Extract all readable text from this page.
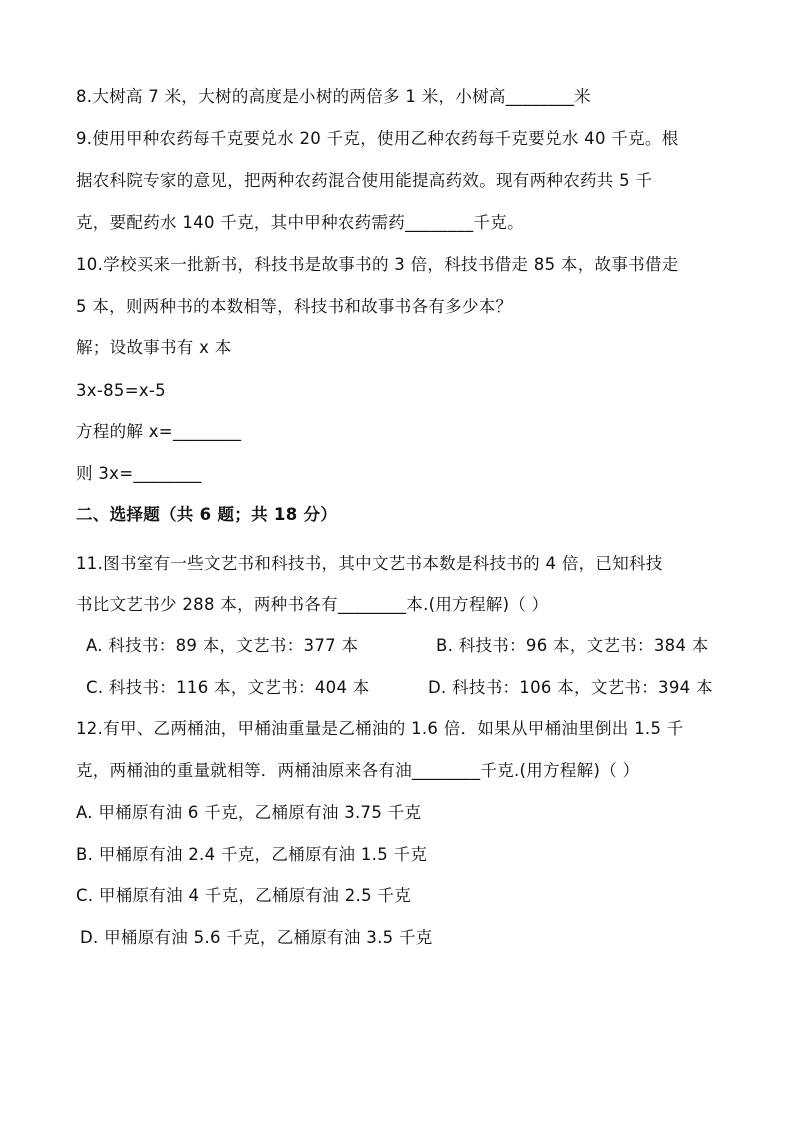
8.大树高 7 米，大树的高度是小树的两倍多 1 米，小树高________米
9.使用甲种农药每千克要兑水 20 千克，使用乙种农药每千克要兑水 40 千克。根
据农科院专家的意见，把两种农药混合使用能提高药效。现有两种农药共 5 千
克，要配药水 140 千克，其中甲种农药需药________千克。
10.学校买来一批新书，科技书是故事书的 3 倍，科技书借走 85 本，故事书借走
5 本，则两种书的本数相等，科技书和故事书各有多少本？
解；设故事书有 x 本
3x-85=x-5
方程的解 x=________
则 3x=________
二、选择题（共 6 题；共 18 分）
11.图书室有一些文艺书和科技书，其中文艺书本数是科技书的 4 倍，已知科技
书比文艺书少 288 本，两种书各有________本.(用方程解)（ ）
A. 科技书：89 本，文艺书：377 本	B. 科技书：96 本，文艺书：384 本
C. 科技书：116 本，文艺书：404 本	D. 科技书：106 本，文艺书：394 本
12.有甲、乙两桶油，甲桶油重量是乙桶油的 1.6 倍．如果从甲桶油里倒出 1.5 千
克，两桶油的重量就相等．两桶油原来各有油________千克.(用方程解)（ ）
A. 甲桶原有油 6 千克，乙桶原有油 3.75 千克
B. 甲桶原有油 2.4 千克，乙桶原有油 1.5 千克
C. 甲桶原有油 4 千克，乙桶原有油 2.5 千克
D. 甲桶原有油 5.6 千克，乙桶原有油 3.5 千克
